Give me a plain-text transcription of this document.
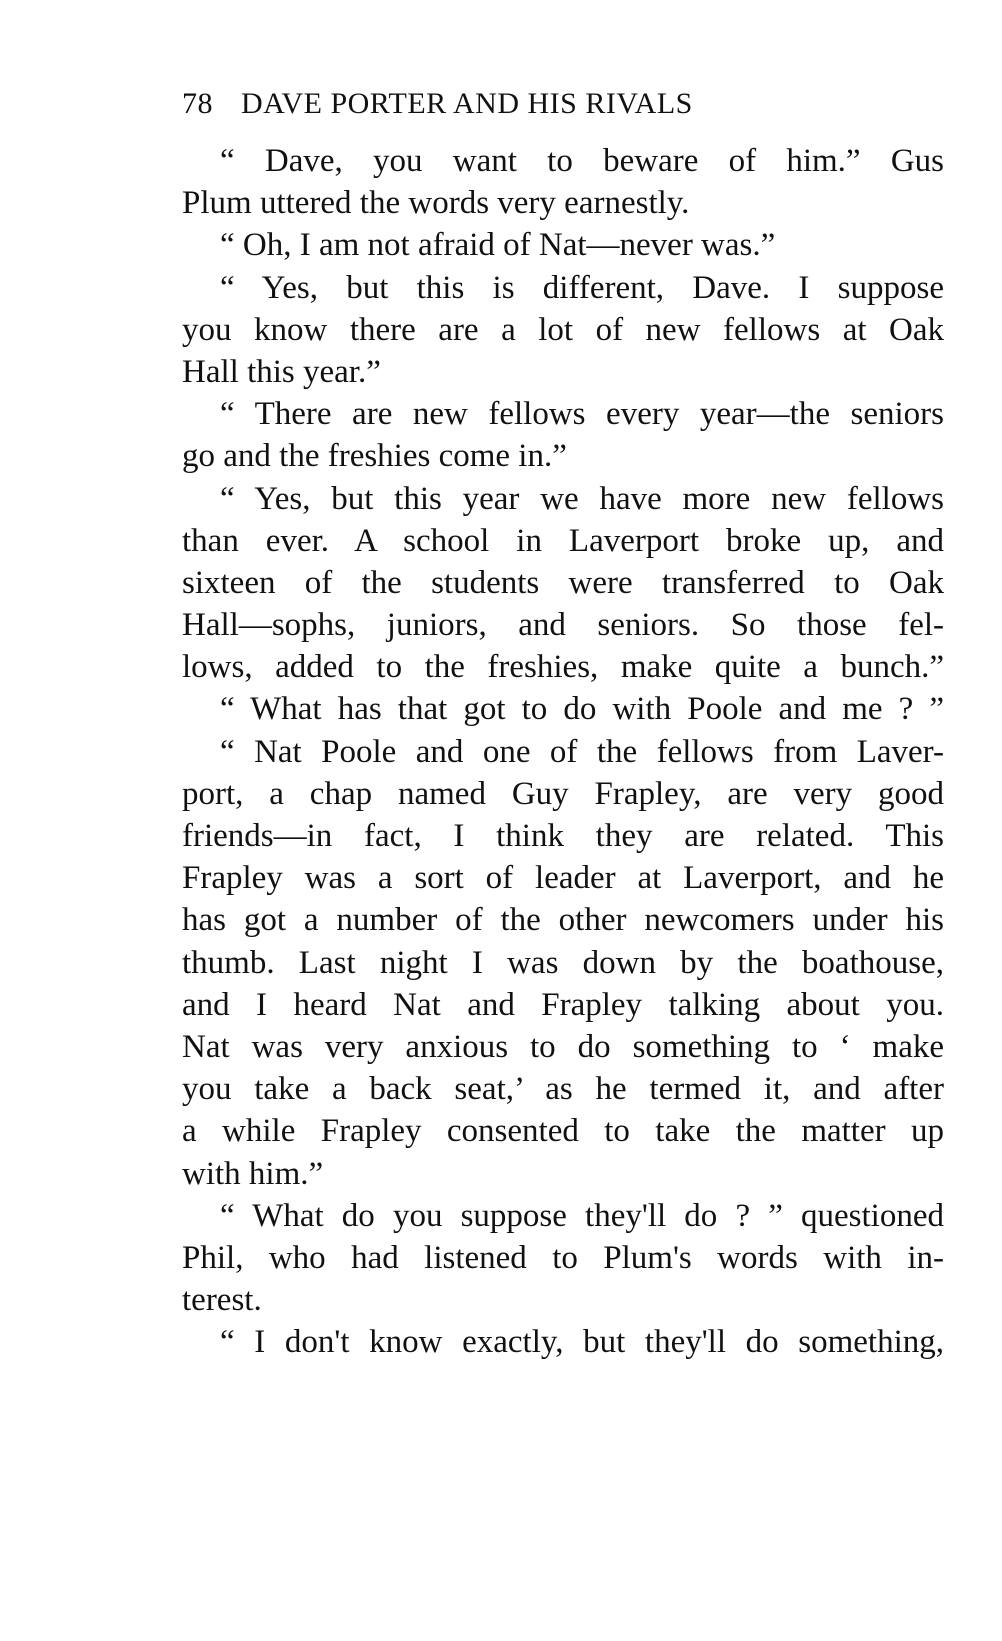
78 DAVE PORTER AND HIS RIVALS
“ Dave, you want to beware of him.” Gus
Plum uttered the words very earnestly.
“ Oh, I am not afraid of Nat—never was.”
“ Yes, but this is different, Dave. I suppose
you know there are a lot of new fellows at Oak
Hall this year.”
“ There are new fellows every year—the seniors
go and the freshies come in.”
“ Yes, but this year we have more new fellows
than ever. A school in Laverport broke up, and
sixteen of the students were transferred to Oak
Hall—sophs, juniors, and seniors. So those fel-
lows, added to the freshies, make quite a bunch.”
“ What has that got to do with Poole and me ? ”
“ Nat Poole and one of the fellows from Laver-
port, a chap named Guy Frapley, are very good
friends—in fact, I think they are related. This
Frapley was a sort of leader at Laverport, and he
has got a number of the other newcomers under his
thumb. Last night I was down by the boathouse,
and I heard Nat and Frapley talking about you.
Nat was very anxious to do something to ‘ make
you take a back seat,’ as he termed it, and after
a while Frapley consented to take the matter up
with him.”
“ What do you suppose they'll do ? ” questioned
Phil, who had listened to Plum's words with in-
terest.
“ I don't know exactly, but they'll do something,
